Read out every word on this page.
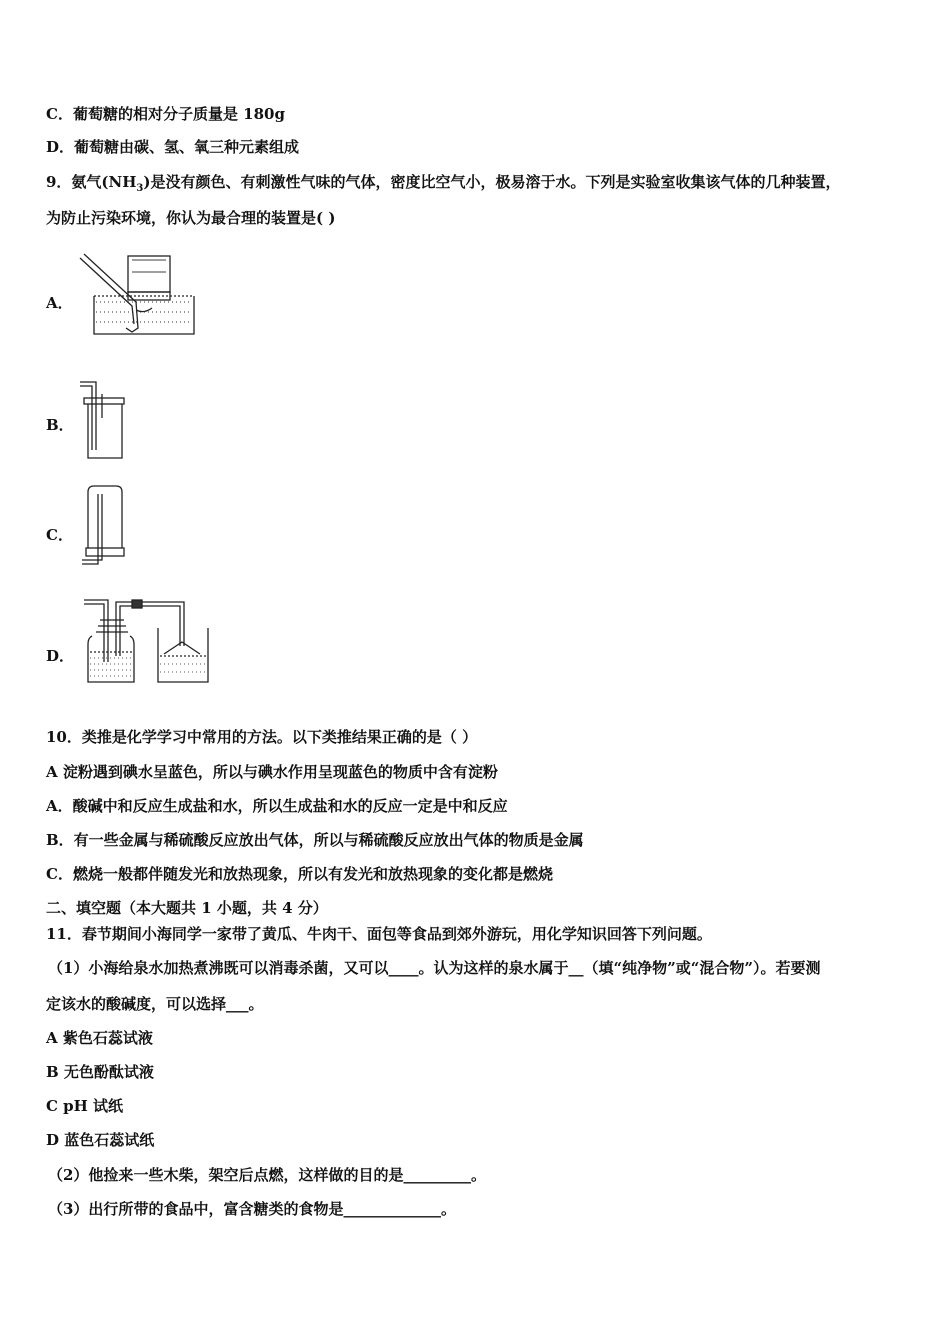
C．葡萄糖的相对分子质量是 180g
D．葡萄糖由碳、氢、氧三种元素组成
9．氨气$(NH_3)$是没有颜色、有刺激性气味的气体，密度比空气小，极易溶于水。下列是实验室收集该气体的几种装置，
为防止污染环境，你认为最合理的装置是( )
A．
B．
C．
D．
10．类推是化学学习中常用的方法。以下类推结果正确的是（ ）
A 淀粉遇到碘水呈蓝色，所以与碘水作用呈现蓝色的物质中含有淀粉
A．酸碱中和反应生成盐和水，所以生成盐和水的反应一定是中和反应
B．有一些金属与稀硫酸反应放出气体，所以与稀硫酸反应放出气体的物质是金属
C．燃烧一般都伴随发光和放热现象，所以有发光和放热现象的变化都是燃烧
二、填空题（本大题共 1 小题，共 4 分）
11．春节期间小海同学一家带了黄瓜、牛肉干、面包等食品到郊外游玩，用化学知识回答下列问题。
（1）小海给泉水加热煮沸既可以消毒杀菌，又可以____。认为这样的泉水属于__（填“纯净物”或“混合物”）。若要测
定该水的酸碱度，可以选择___。
A 紫色石蕊试液
B 无色酚酞试液
C pH 试纸
D 蓝色石蕊试纸
（2）他捡来一些木柴，架空后点燃，这样做的目的是_________。
（3）出行所带的食品中，富含糖类的食物是_____________。
